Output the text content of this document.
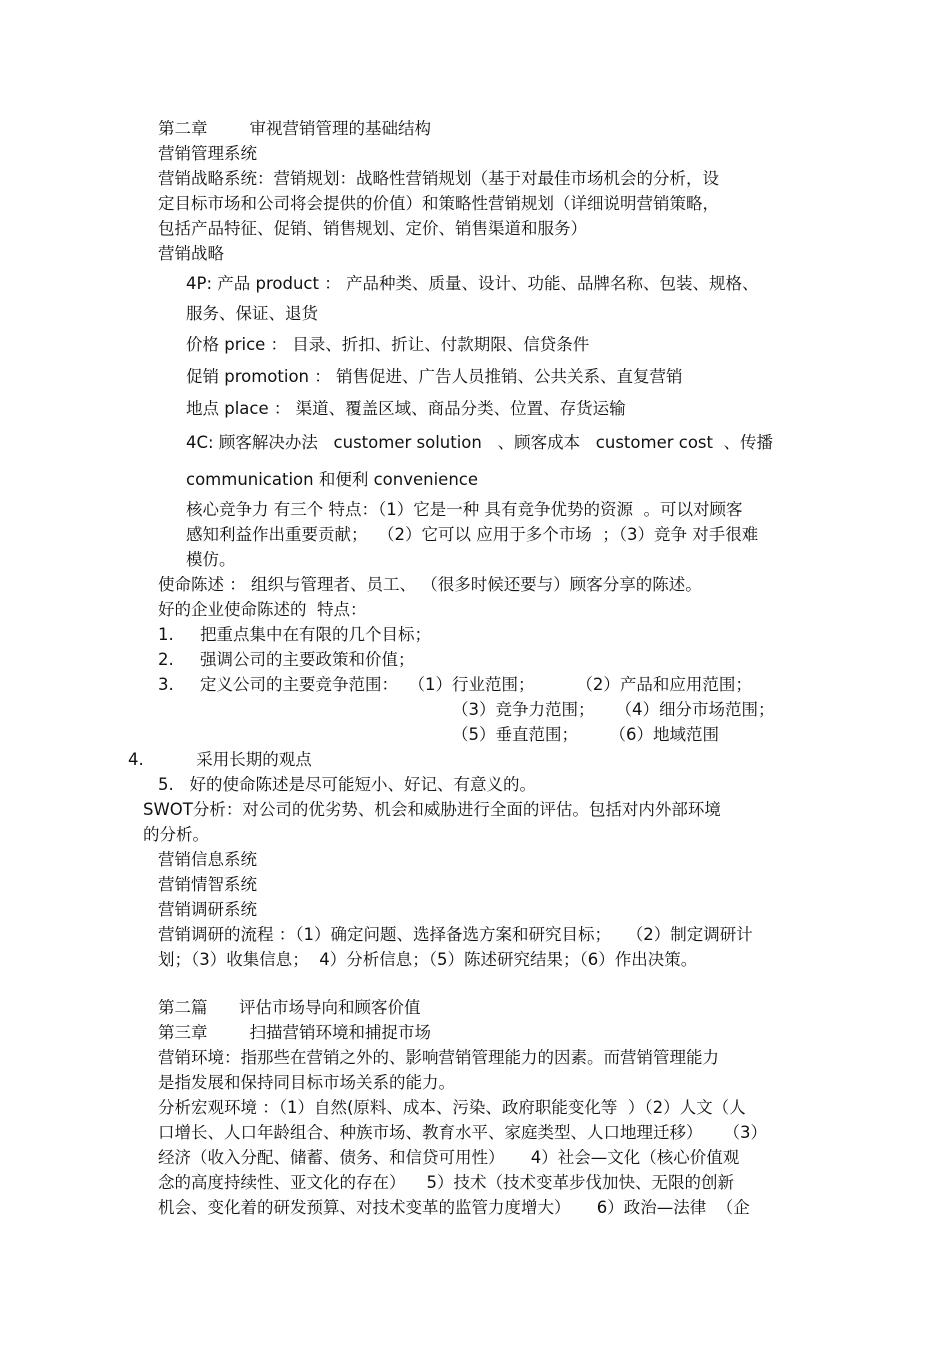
第二章        审视营销管理的基础结构
营销管理系统
营销战略系统：营销规划：战略性营销规划（基于对最佳市场机会的分析，设
定目标市场和公司将会提供的价值）和策略性营销规划（详细说明营销策略，
包括产品特征、促销、销售规划、定价、销售渠道和服务）
营销战略
4P: 产品 product ： 产品种类、质量、设计、功能、品牌名称、包装、规格、
服务、保证、退货
价格 price ： 目录、折扣、折让、付款期限、信贷条件
促销 promotion ： 销售促进、广告人员推销、公共关系、直复营销
地点 place ： 渠道、覆盖区域、商品分类、位置、存货运输
4C: 顾客解决办法   customer solution   、顾客成本   customer cost  、传播
communication 和便利 convenience
核心竞争力 有三个 特点：（1）它是一种 具有竞争优势的资源  。可以对顾客
感知利益作出重要贡献；  （2）它可以 应用于多个市场  ；（3）竞争 对手很难
模仿。
使命陈述 ： 组织与管理者、员工、 （很多时候还要与）顾客分享的陈述。
好的企业使命陈述的  特点：
1.     把重点集中在有限的几个目标；
2.     强调公司的主要政策和价值；
3.     定义公司的主要竞争范围：  （1）行业范围；        （2）产品和应用范围；
（3）竞争力范围；    （4）细分市场范围；
（5）垂直范围；      （6）地域范围
4.          采用长期的观点
5.   好的使命陈述是尽可能短小、好记、有意义的。
SWOT分析：对公司的优劣势、机会和威胁进行全面的评估。包括对内外部环境
的分析。
营销信息系统
营销情智系统
营销调研系统
营销调研的流程 ：（1）确定问题、选择备选方案和研究目标；   （2）制定调研计
划；（3）收集信息；  4）分析信息；（5）陈述研究结果；（6）作出决策。
第二篇      评估市场导向和顾客价值
第三章        扫描营销环境和捕捉市场
营销环境：指那些在营销之外的、影响营销管理能力的因素。而营销管理能力
是指发展和保持同目标市场关系的能力。
分析宏观环境 ：（1）自然(原料、成本、污染、政府职能变化等  ）（2）人文（人
口增长、人口年龄组合、种族市场、教育水平、家庭类型、人口地理迁移）    （3）
经济（收入分配、储蓄、债务、和信贷可用性）     4）社会—文化（核心价值观
念的高度持续性、亚文化的存在）    5）技术（技术变革步伐加快、无限的创新
机会、变化着的研发预算、对技术变革的监管力度增大）     6）政治—法律  （企
